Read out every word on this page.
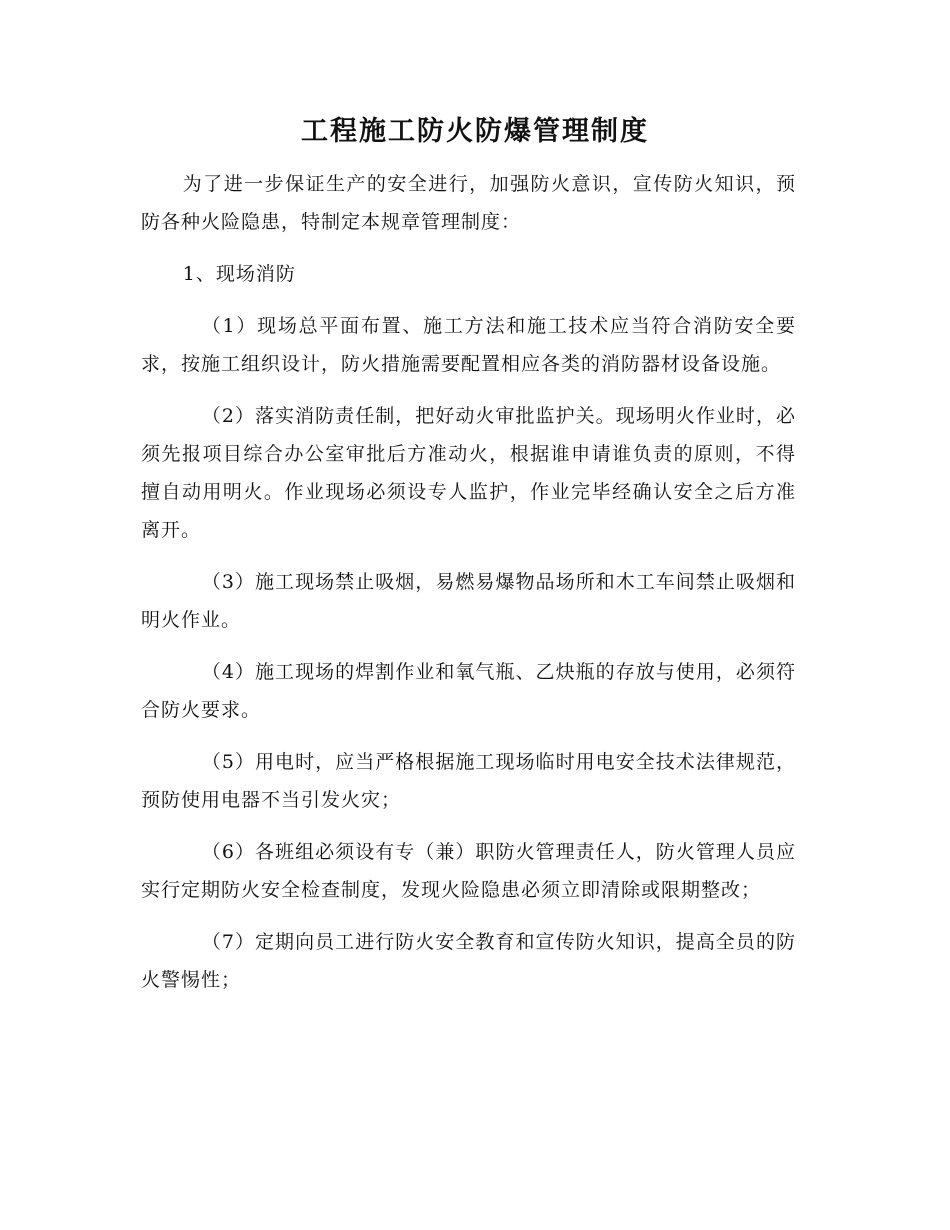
工程施工防火防爆管理制度

为了进一步保证生产的安全进行，加强防火意识，宣传防火知识，预防各种火险隐患，特制定本规章管理制度：

1、现场消防

（1）现场总平面布置、施工方法和施工技术应当符合消防安全要求，按施工组织设计，防火措施需要配置相应各类的消防器材设备设施。

（2）落实消防责任制，把好动火审批监护关。现场明火作业时，必须先报项目综合办公室审批后方准动火，根据谁申请谁负责的原则，不得擅自动用明火。作业现场必须设专人监护，作业完毕经确认安全之后方准离开。

（3）施工现场禁止吸烟，易燃易爆物品场所和木工车间禁止吸烟和明火作业。

（4）施工现场的焊割作业和氧气瓶、乙炔瓶的存放与使用，必须符合防火要求。

（5）用电时，应当严格根据施工现场临时用电安全技术法律规范，预防使用电器不当引发火灾；

（6）各班组必须设有专（兼）职防火管理责任人，防火管理人员应实行定期防火安全检查制度，发现火险隐患必须立即清除或限期整改；

（7）定期向员工进行防火安全教育和宣传防火知识，提高全员的防火警惕性；
